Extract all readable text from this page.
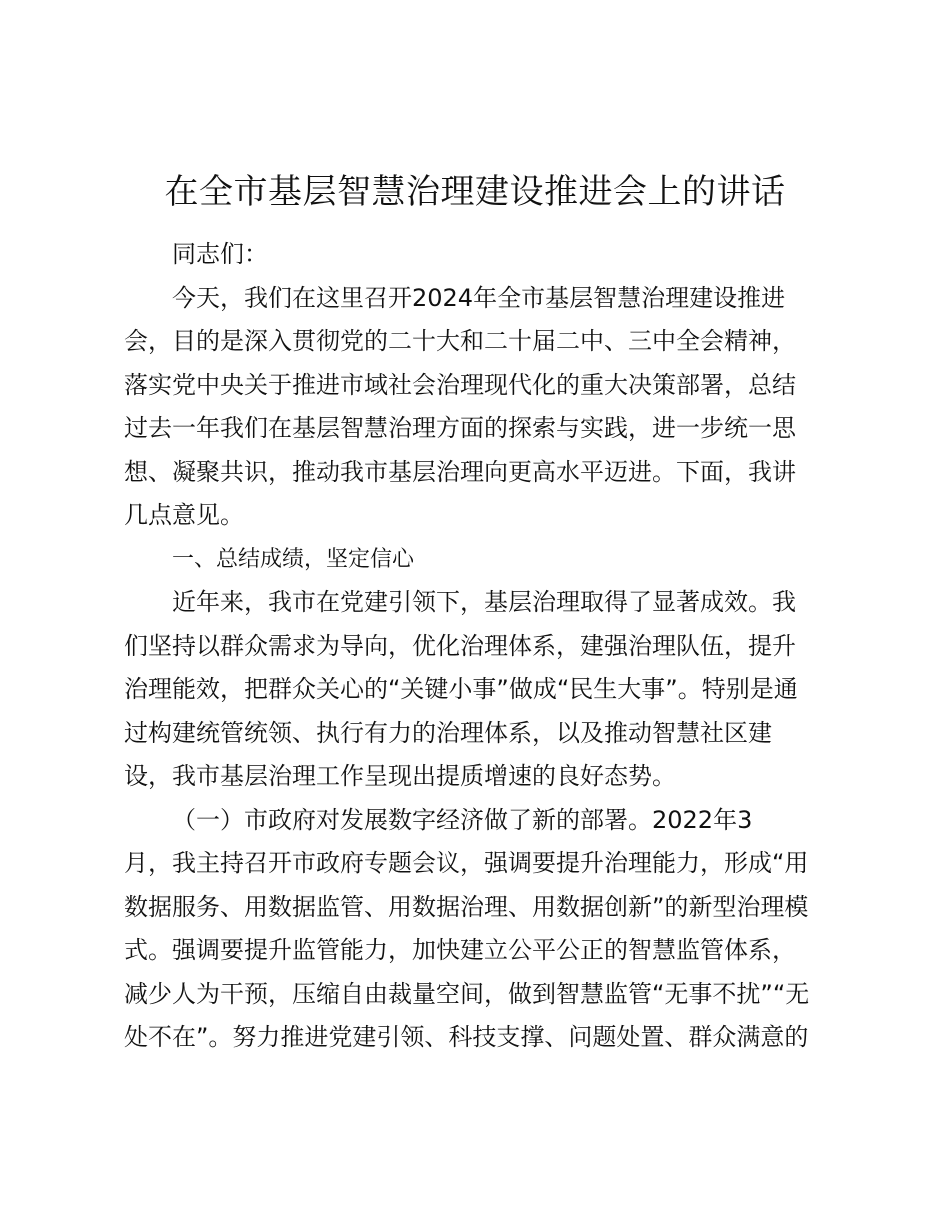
在全市基层智慧治理建设推进会上的讲话
同志们：
今天，我们在这里召开2024年全市基层智慧治理建设推进
会，目的是深入贯彻党的二十大和二十届二中、三中全会精神，
落实党中央关于推进市域社会治理现代化的重大决策部署，总结
过去一年我们在基层智慧治理方面的探索与实践，进一步统一思
想、凝聚共识，推动我市基层治理向更高水平迈进。下面，我讲
几点意见。
一、总结成绩，坚定信心
近年来，我市在党建引领下，基层治理取得了显著成效。我
们坚持以群众需求为导向，优化治理体系，建强治理队伍，提升
治理能效，把群众关心的“关键小事”做成“民生大事”。特别是通
过构建统管统领、执行有力的治理体系，以及推动智慧社区建
设，我市基层治理工作呈现出提质增速的良好态势。
（一）市政府对发展数字经济做了新的部署。2022年3
月，我主持召开市政府专题会议，强调要提升治理能力，形成“用
数据服务、用数据监管、用数据治理、用数据创新”的新型治理模
式。强调要提升监管能力，加快建立公平公正的智慧监管体系，
减少人为干预，压缩自由裁量空间，做到智慧监管“无事不扰”“无
处不在”。努力推进党建引领、科技支撑、问题处置、群众满意的
